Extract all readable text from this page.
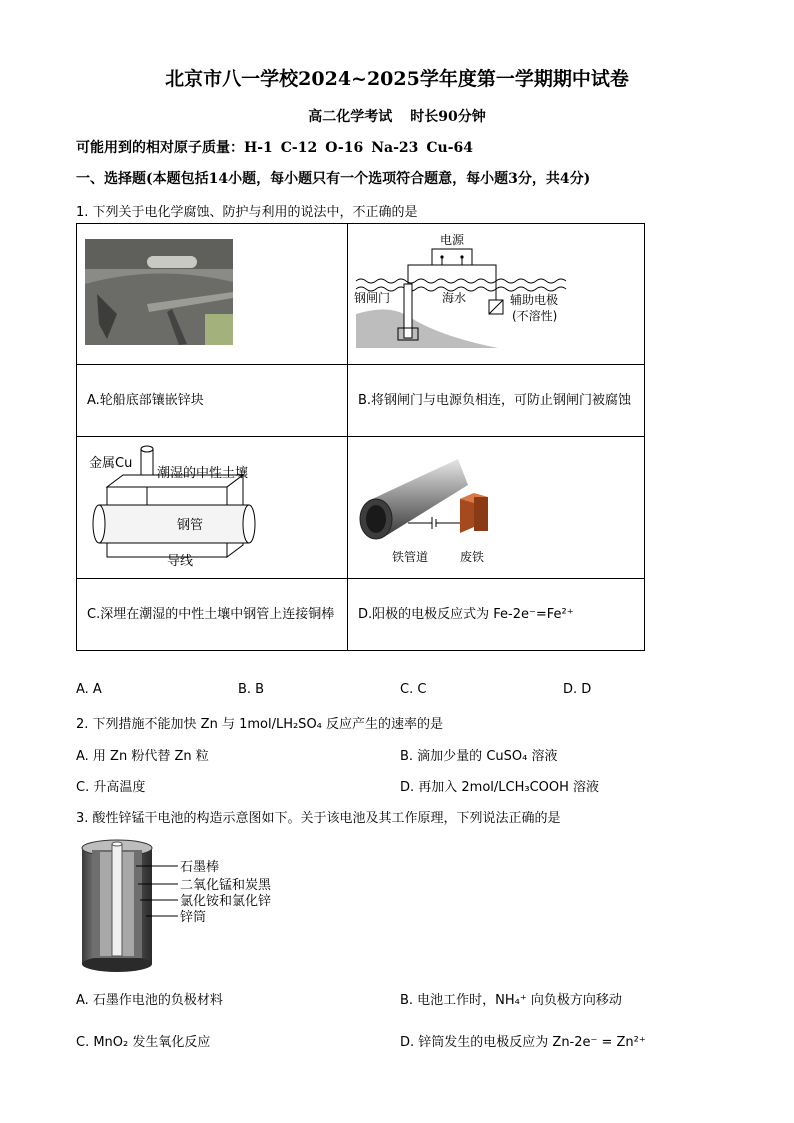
北京市八一学校2024~2025学年度第一学期期中试卷
高二化学考试 时长90分钟
可能用到的相对原子质量：H-1 C-12 O-16 Na-23 Cu-64
一、选择题(本题包括14小题，每小题只有一个选项符合题意，每小题3分，共4分)
1. 下列关于电化学腐蚀、防护与利用的说法中，不正确的是

电源
钢闸门 海水 辅助电极
(不溶性)

A.轮船底部镶嵌锌块	B.将钢闸门与电源负相连，可防止钢闸门被腐蚀

金属Cu
潮湿的中性土壤
钢管
导线	铁管道 废铁

C.深埋在潮湿的中性土壤中钢管上连接铜棒	D.阳极的电极反应式为 Fe-2e⁻=Fe²⁺
A. A	B. B	C. C	D. D
2. 下列措施不能加快 Zn 与 1mol/LH₂SO₄ 反应产生的速率的是
A. 用 Zn 粉代替 Zn 粒	B. 滴加少量的 CuSO₄ 溶液
C. 升高温度	D. 再加入 2mol/LCH₃COOH 溶液
3. 酸性锌锰干电池的构造示意图如下。关于该电池及其工作原理，下列说法正确的是
石墨棒
二氧化锰和炭黑
氯化铵和氯化锌
锌筒
A. 石墨作电池的负极材料	B. 电池工作时，NH₄⁺ 向负极方向移动
C. MnO₂ 发生氧化反应	D. 锌筒发生的电极反应为 Zn-2e⁻ = Zn²⁺
